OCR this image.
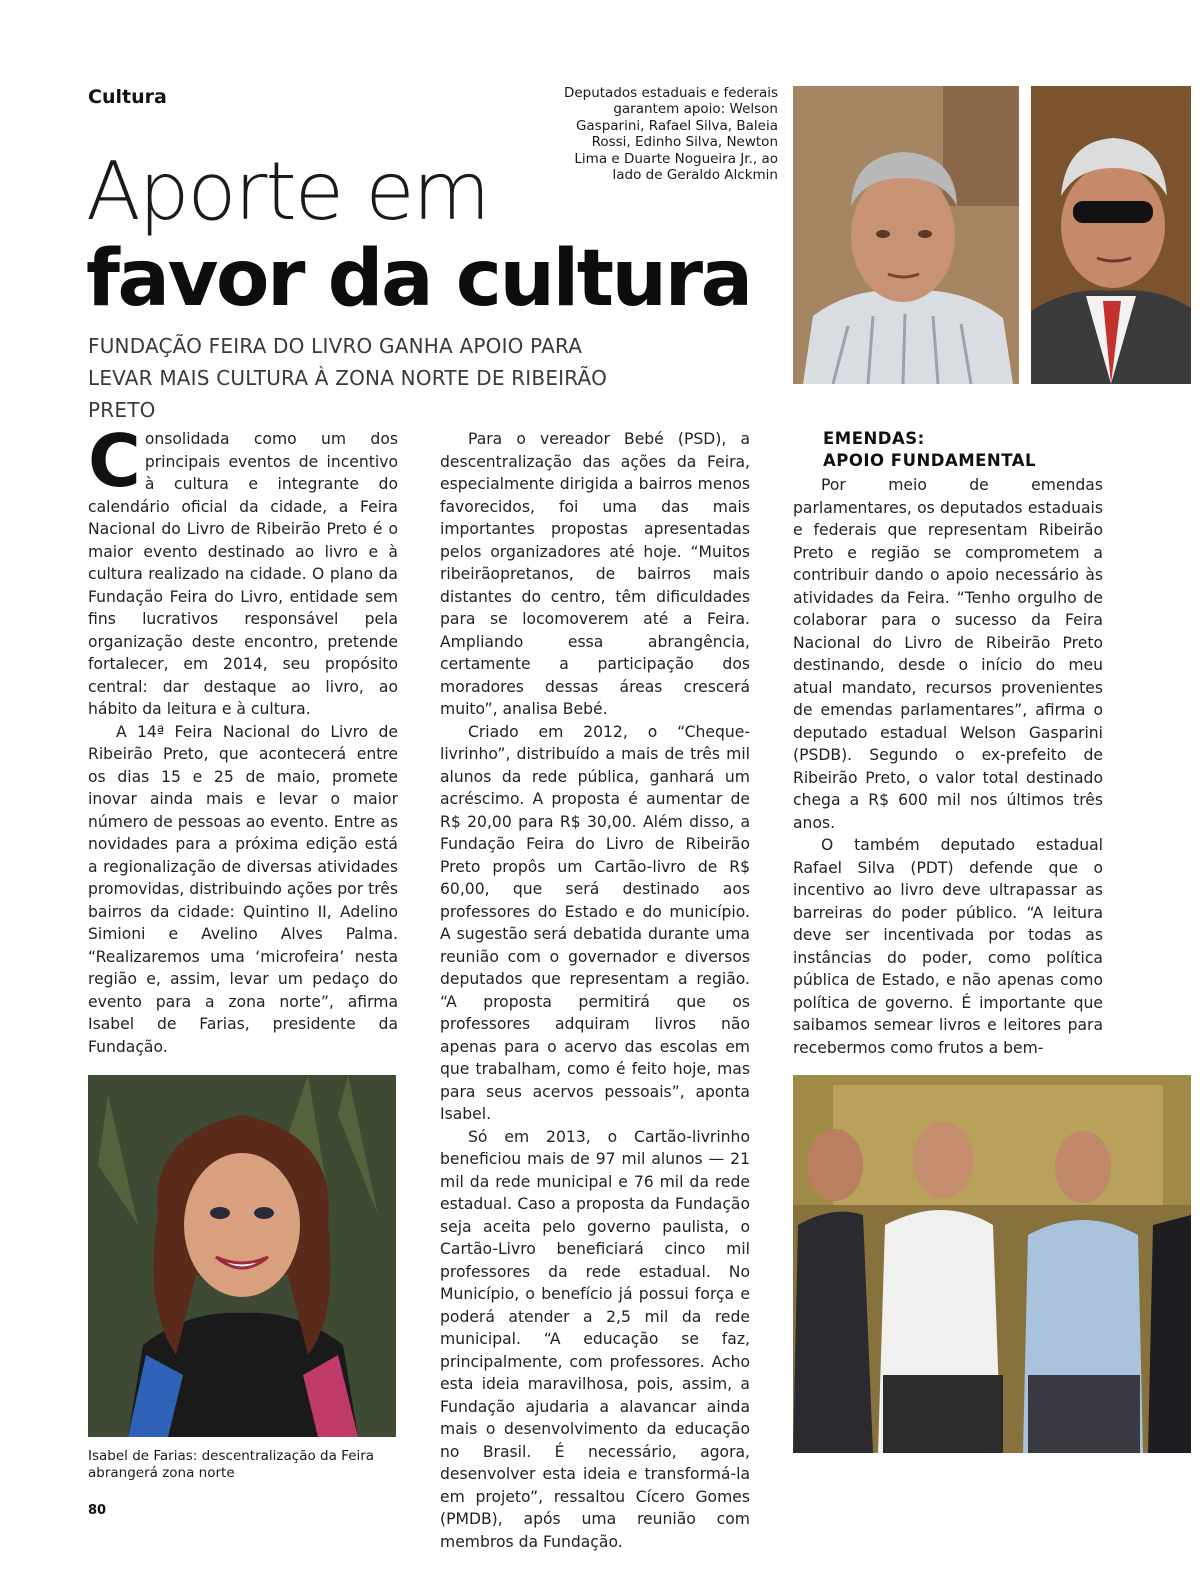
Cultura
Aporte em
favor da cultura
FUNDAÇÃO FEIRA DO LIVRO GANHA APOIO PARA LEVAR MAIS CULTURA À ZONA NORTE DE RIBEIRÃO PRETO
Deputados estaduais e federais garantem apoio: Welson Gasparini, Rafael Silva, Baleia Rossi, Edinho Silva, Newton Lima e Duarte Nogueira Jr., ao lado de Geraldo Alckmin

Consolidada como um dos principais eventos de incentivo à cultura e integrante do calendário oficial da cidade, a Feira Nacional do Livro de Ribeirão Preto é o maior evento destinado ao livro e à cultura realizado na cidade. O plano da Fundação Feira do Livro, entidade sem fins lucrativos responsável pela organização deste encontro, pretende fortalecer, em 2014, seu propósito central: dar destaque ao livro, ao hábito da leitura e à cultura.

A 14ª Feira Nacional do Livro de Ribeirão Preto, que acontecerá entre os dias 15 e 25 de maio, promete inovar ainda mais e levar o maior número de pessoas ao evento. Entre as novidades para a próxima edição está a regionalização de diversas atividades promovidas, distribuindo ações por três bairros da cidade: Quintino II, Adelino Simioni e Avelino Alves Palma. “Realizaremos uma ‘microfeira’ nesta região e, assim, levar um pedaço do evento para a zona norte”, afirma Isabel de Farias, presidente da Fundação.

Para o vereador Bebé (PSD), a descentralização das ações da Feira, especialmente dirigida a bairros menos favorecidos, foi uma das mais importantes propostas apresentadas pelos organizadores até hoje. “Muitos ribeirãopretanos, de bairros mais distantes do centro, têm dificuldades para se locomoverem até a Feira. Ampliando essa abrangência, certamente a participação dos moradores dessas áreas crescerá muito”, analisa Bebé.

Criado em 2012, o “Cheque-livrinho”, distribuído a mais de três mil alunos da rede pública, ganhará um acréscimo. A proposta é aumentar de R$ 20,00 para R$ 30,00. Além disso, a Fundação Feira do Livro de Ribeirão Preto propôs um Cartão-livro de R$ 60,00, que será destinado aos professores do Estado e do município. A sugestão será debatida durante uma reunião com o governador e diversos deputados que representam a região. “A proposta permitirá que os professores adquiram livros não apenas para o acervo das escolas em que trabalham, como é feito hoje, mas para seus acervos pessoais”, aponta Isabel.

Só em 2013, o Cartão-livrinho beneficiou mais de 97 mil alunos — 21 mil da rede municipal e 76 mil da rede estadual. Caso a proposta da Fundação seja aceita pelo governo paulista, o Cartão-Livro beneficiará cinco mil professores da rede estadual. No Município, o benefício já possui força e poderá atender a 2,5 mil da rede municipal. “A educação se faz, principalmente, com professores. Acho esta ideia maravilhosa, pois, assim, a Fundação ajudaria a alavancar ainda mais o desenvolvimento da educação no Brasil. É necessário, agora, desenvolver esta ideia e transformá-la em projeto”, ressaltou Cícero Gomes (PMDB), após uma reunião com membros da Fundação.

EMENDAS:
APOIO FUNDAMENTAL

Por meio de emendas parlamentares, os deputados estaduais e federais que representam Ribeirão Preto e região se comprometem a contribuir dando o apoio necessário às atividades da Feira. “Tenho orgulho de colaborar para o sucesso da Feira Nacional do Livro de Ribeirão Preto destinando, desde o início do meu atual mandato, recursos provenientes de emendas parlamentares”, afirma o deputado estadual Welson Gasparini (PSDB). Segundo o ex-prefeito de Ribeirão Preto, o valor total destinado chega a R$ 600 mil nos últimos três anos.

O também deputado estadual Rafael Silva (PDT) defende que o incentivo ao livro deve ultrapassar as barreiras do poder público. “A leitura deve ser incentivada por todas as instâncias do poder, como política pública de Estado, e não apenas como política de governo. É importante que saibamos semear livros e leitores para recebermos como frutos a bem-

Isabel de Farias: descentralização da Feira abrangerá zona norte
80
